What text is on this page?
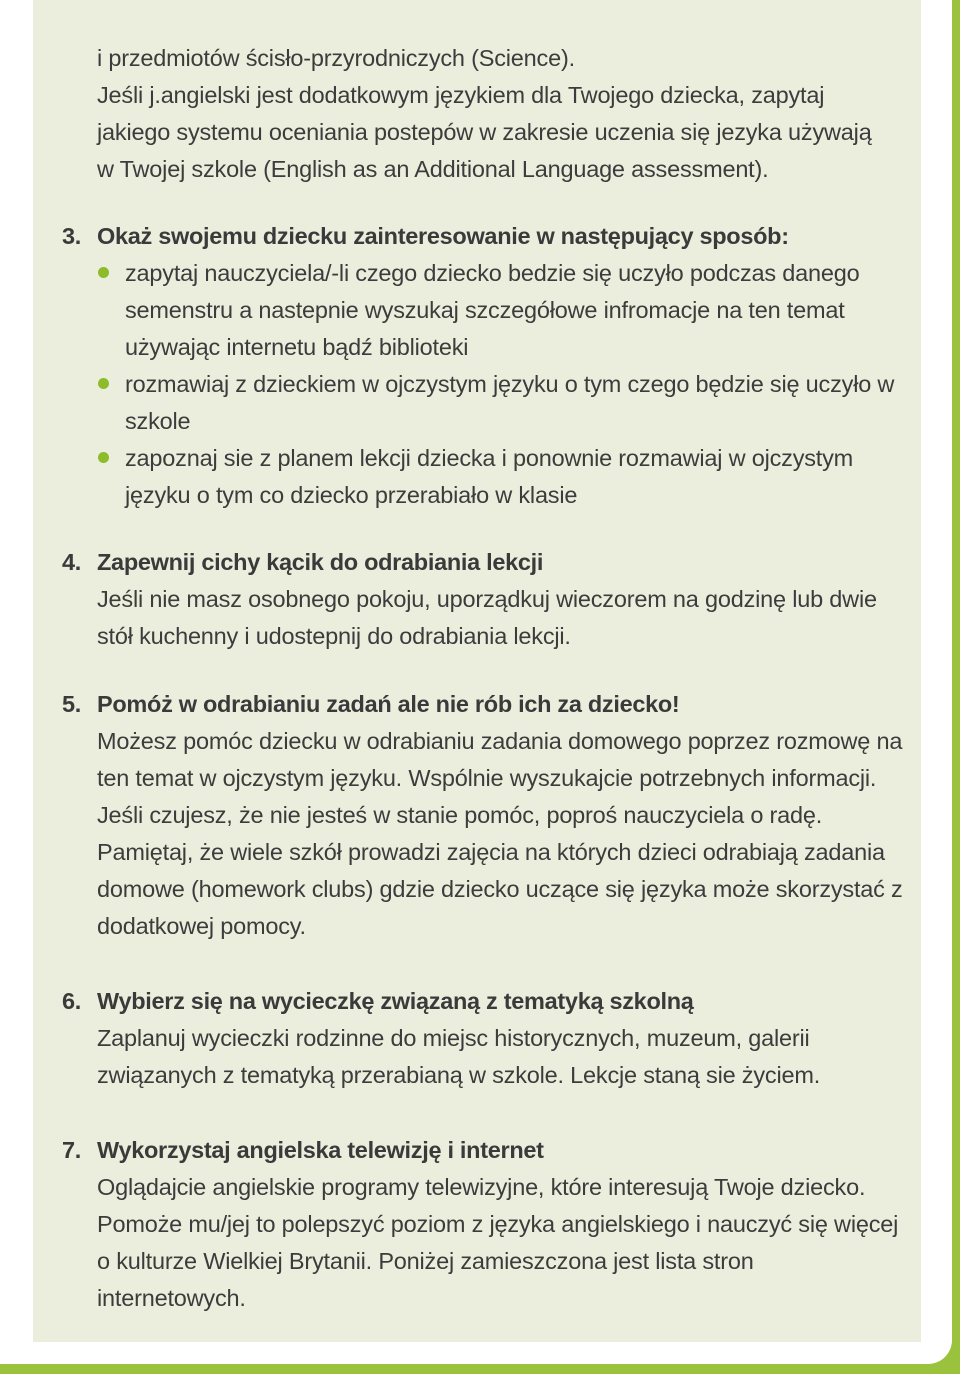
i przedmiotów ścisło-przyrodniczych (Science).

Jeśli j.angielski jest dodatkowym językiem dla Twojego dziecka, zapytaj

jakiego systemu oceniania postepów w zakresie uczenia się jezyka używają

w Twojej szkole (English as an Additional Language assessment).

3. Okaż swojemu dziecku zainteresowanie w następujący sposób:
zapytaj nauczyciela/-li czego dziecko bedzie się uczyło podczas danego semenstru a nastepnie wyszukaj szczegółowe infromacje na ten temat używając internetu bądź biblioteki
rozmawiaj z dzieckiem w ojczystym języku o tym czego będzie się uczyło w szkole
zapoznaj sie z planem lekcji dziecka i ponownie rozmawiaj w ojczystym języku o tym co dziecko przerabiało w klasie
4. Zapewnij cichy kącik do odrabiania lekcji

Jeśli nie masz osobnego pokoju, uporządkuj wieczorem na godzinę lub dwie stół kuchenny i udostepnij do odrabiania lekcji.

5. Pomóż w odrabianiu zadań ale nie rób ich za dziecko!

Możesz pomóc dziecku w odrabianiu zadania domowego poprzez rozmowę na ten temat w ojczystym języku. Wspólnie wyszukajcie potrzebnych informacji. Jeśli czujesz, że nie jesteś w stanie pomóc, poproś nauczyciela o radę. Pamiętaj, że wiele szkół prowadzi zajęcia na których dzieci odrabiają zadania domowe (homework clubs) gdzie dziecko uczące się języka może skorzystać z dodatkowej pomocy.

6. Wybierz się na wycieczkę związaną z tematyką szkolną

Zaplanuj wycieczki rodzinne do miejsc historycznych, muzeum, galerii związanych z tematyką przerabianą w szkole. Lekcje staną sie życiem.

7. Wykorzystaj angielska telewizję i internet

Oglądajcie angielskie programy telewizyjne, które interesują Twoje dziecko. Pomoże mu/jej to polepszyć poziom z języka angielskiego i nauczyć się więcej o kulturze Wielkiej Brytanii. Poniżej zamieszczona jest lista stron internetowych.
